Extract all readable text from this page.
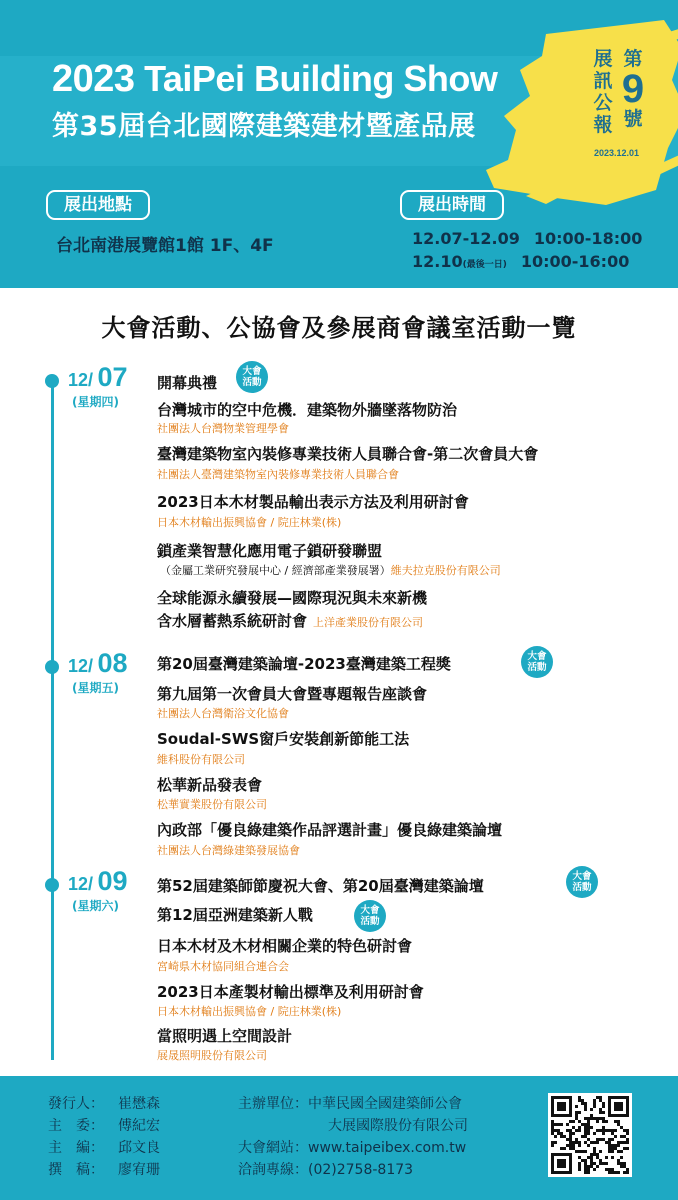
2023 TaiPei Building Show
第35屆台北國際建築建材暨產品展
展訊公報
第
9
號
2023.12.01
展出地點	展出時間
台北南港展覽館1館 1F、4F	12.07-12.09 10:00-18:00
12.10(最後一日) 10:00-16:00
大會活動、公協會及參展商會議室活動一覽
12/ 07
(星期四)
開幕典禮
大會
活動
台灣城市的空中危機．建築物外牆墜落物防治
社團法人台灣物業管理學會
臺灣建築物室內裝修專業技術人員聯合會-第二次會員大會
社團法人臺灣建築物室內裝修專業技術人員聯合會
2023日本木材製品輸出表示方法及利用研討會
日本木材輸出振興協會 / 院庄林業(株)
鎖產業智慧化應用電子鎖研發聯盟
（金屬工業研究發展中心 / 經濟部產業發展署）維夫拉克股份有限公司
全球能源永續發展—國際現況與未來新機
含水層蓄熱系統研討會 上洋產業股份有限公司
12/ 08
(星期五)
第20屆臺灣建築論壇-2023臺灣建築工程獎	大會
活動
第九屆第一次會員大會暨專題報告座談會
社團法人台灣衛浴文化協會
Soudal-SWS窗戶安裝創新節能工法
維科股份有限公司
松華新品發表會
松華實業股份有限公司
內政部「優良綠建築作品評選計畫」優良綠建築論壇
社團法人台灣綠建築發展協會
12/ 09
(星期六)
第52屆建築師節慶祝大會、第20屆臺灣建築論壇
大會
活動
第12屆亞洲建築新人戰	大會
活動
日本木材及木材相關企業的特色研討會
宮崎県木材協同組合連合会
2023日本產製材輸出標準及利用研討會
日本木材輸出振興協會 / 院庄林業(株)
當照明遇上空間設計
展晟照明股份有限公司
發行人： 崔懋森
主　委： 傅紀宏
主　編： 邱文良
撰　稿： 廖宥珊
主辦單位：中華民國全國建築師公會
大展國際股份有限公司
大會網站：www.taipeibex.com.tw
洽詢專線：(02)2758-8173
